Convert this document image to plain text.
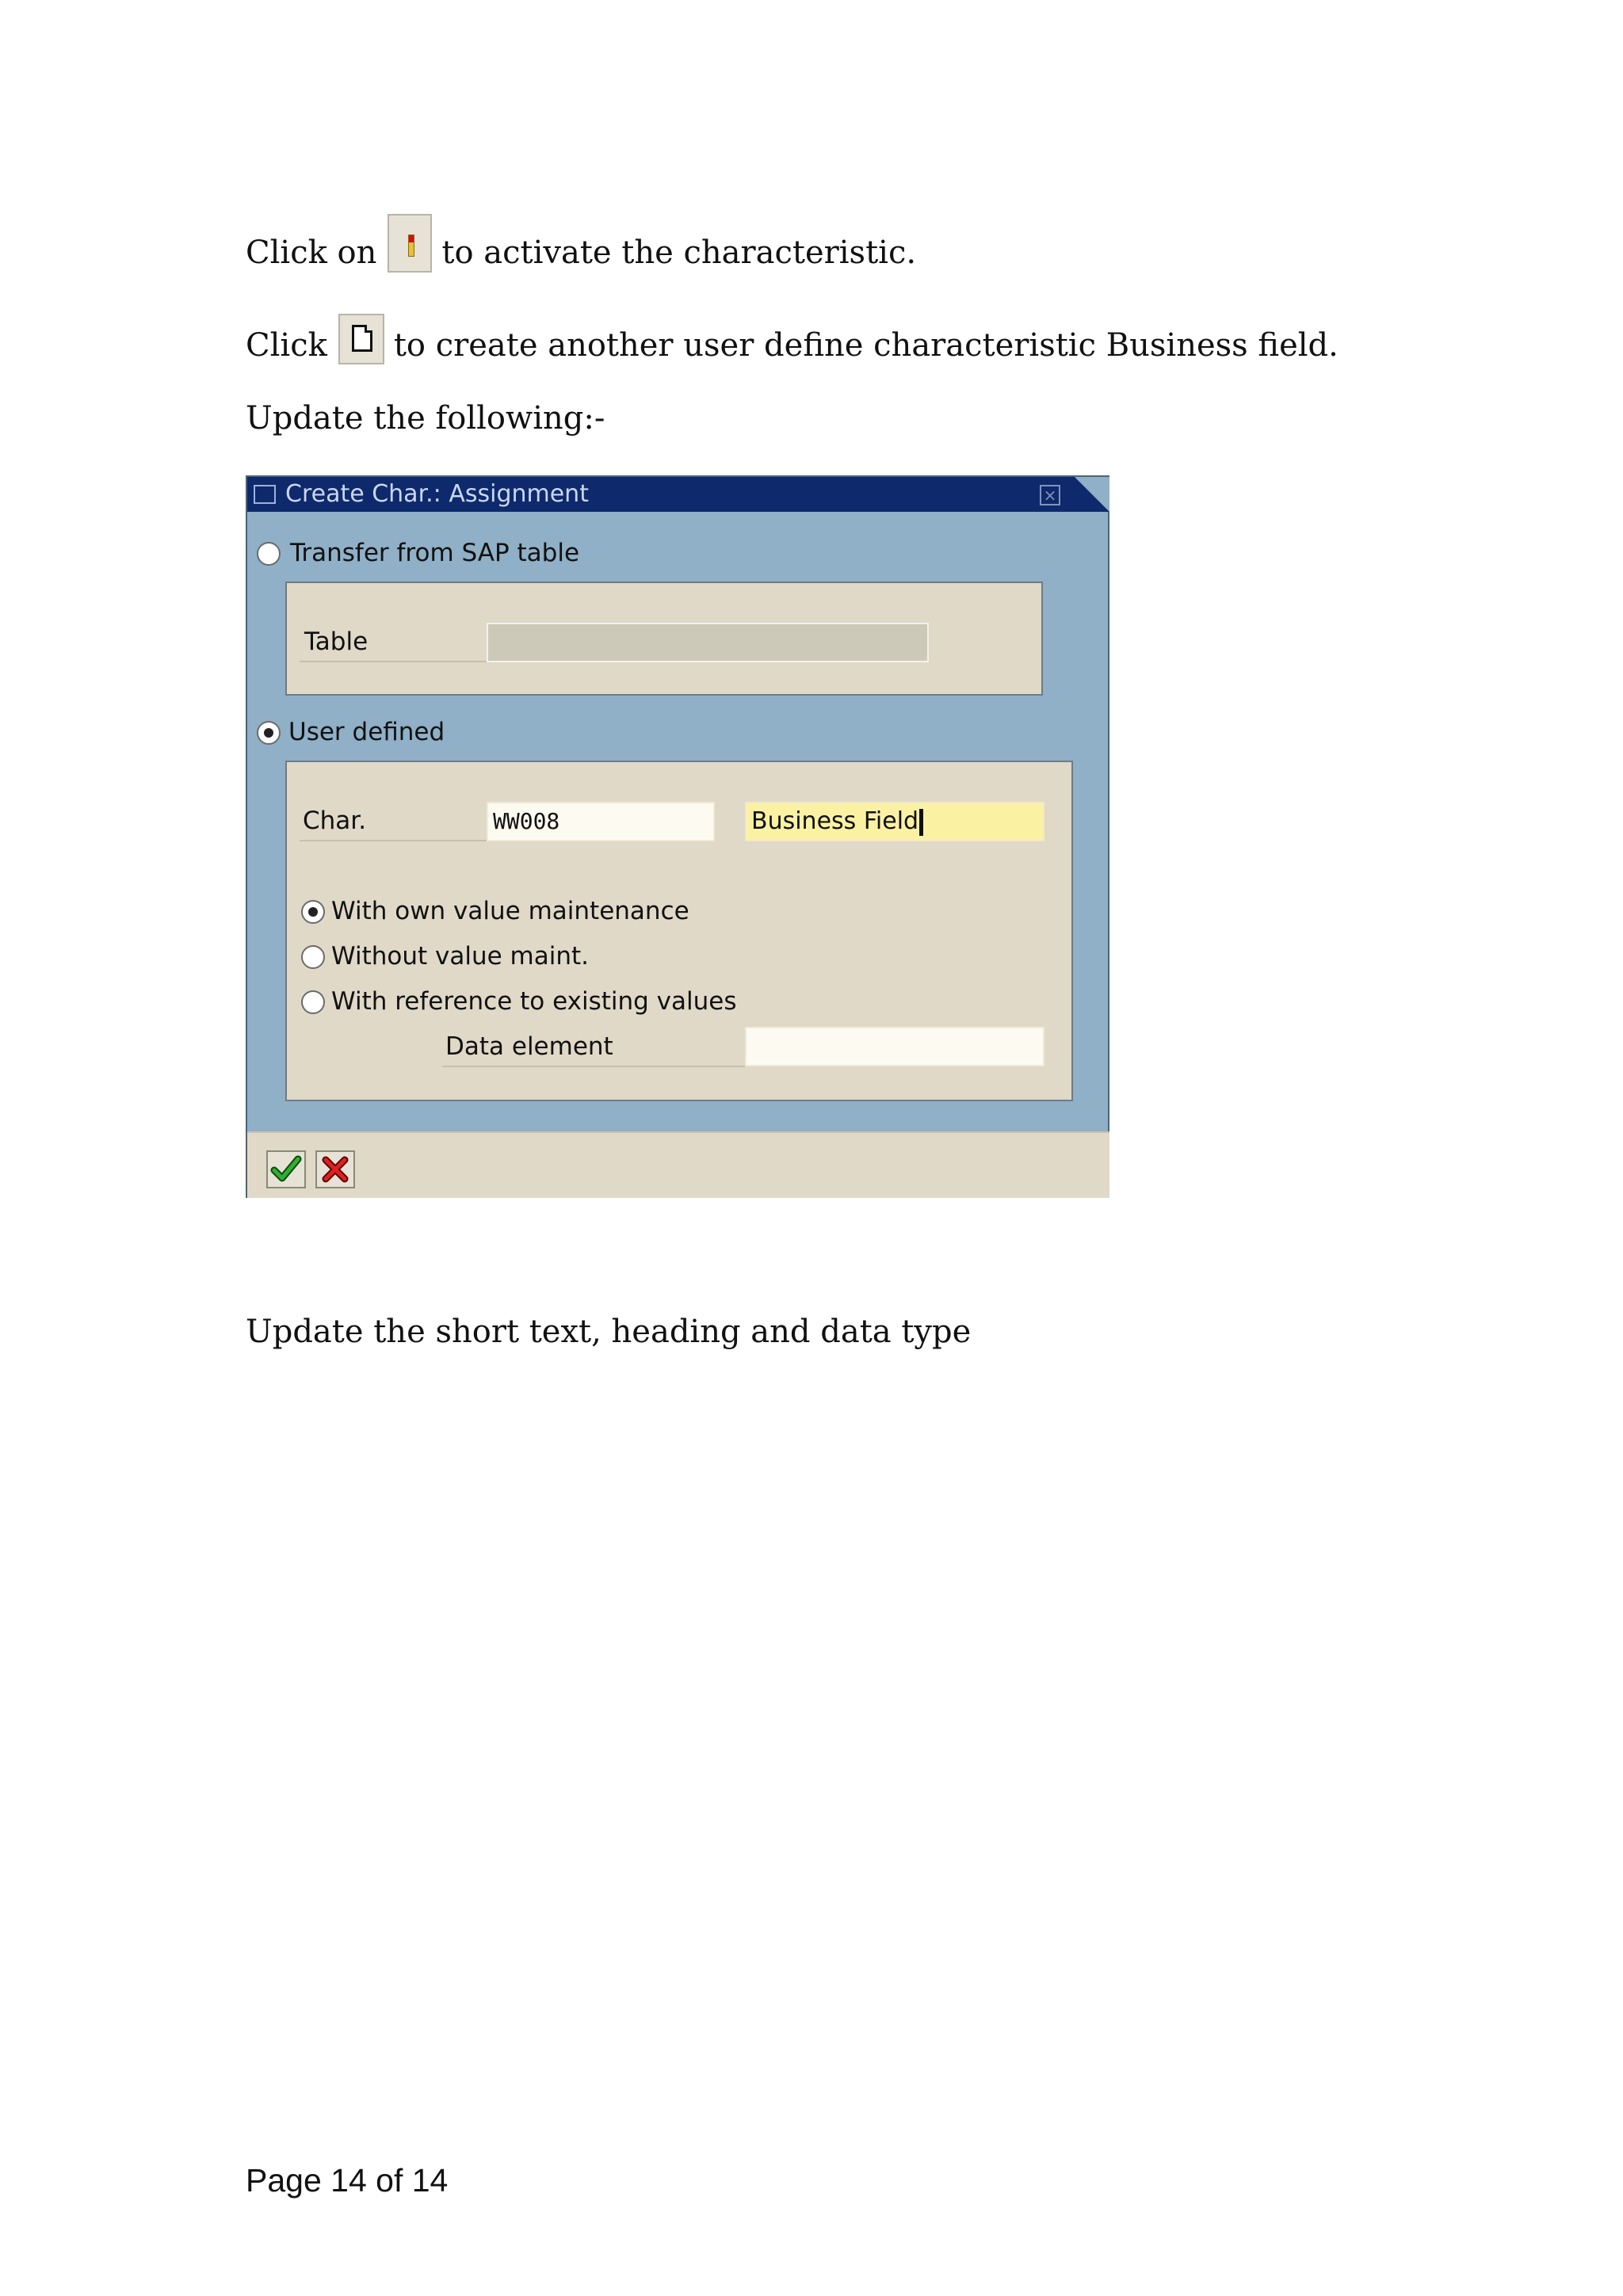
Click on to activate the characteristic.
Click to create another user define characteristic Business field.
Update the following:-
Create Char.: Assignment	×
Transfer from SAP table
Table
User defined
Char.	WW008	Business Field
With own value maintenance
Without value maint.
With reference to existing values
Data element
Update the short text, heading and data type
Page 14 of 14
